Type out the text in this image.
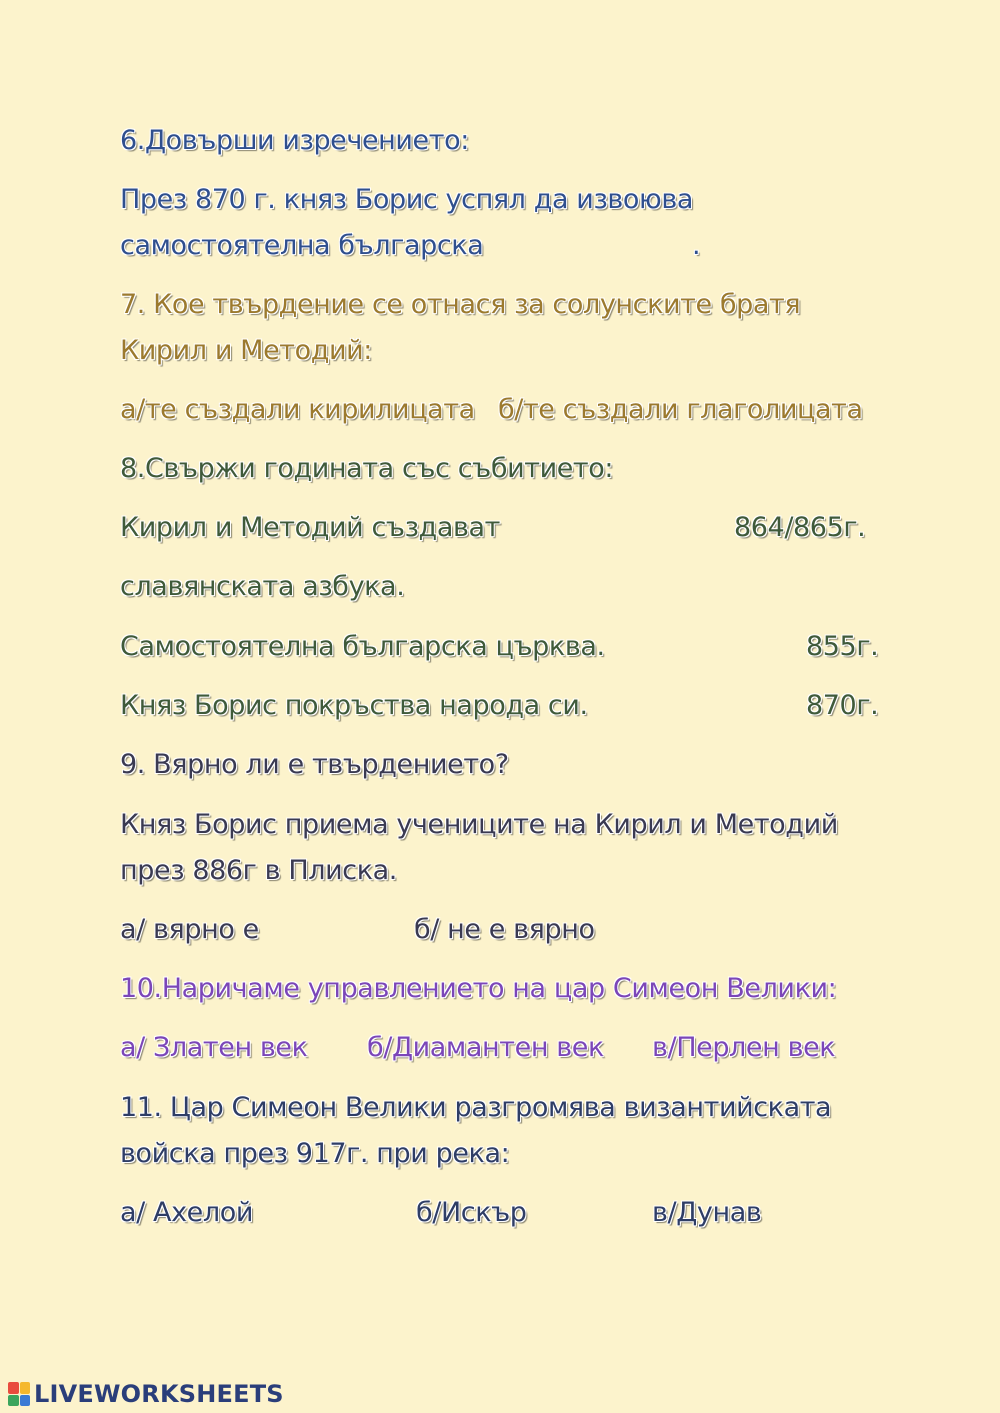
6.Довърши изречението:
През 870 г. княз Борис успял да извоюва
самостоятелна българска	.
7. Кое твърдение се отнася за солунските братя
Кирил и Методий:
а/те създали кирилицата б/те създали глаголицата
8.Свържи годината със събитието:
Кирил и Методий създават	864/865г.
славянската азбука.
Самостоятелна българска църква.	855г.
Княз Борис покръства народа си.	870г.
9. Вярно ли е твърдението?
Княз Борис приема учениците на Кирил и Методий
през 886г в Плиска.
а/ вярно е	б/ не е вярно
10.Наричаме управлението на цар Симеон Велики:
а/ Златен век б/Диамантен век в/Перлен век
11. Цар Симеон Велики разгромява византийската
войска през 917г. при река:
а/ Ахелой	б/Искър	в/Дунав
LIVEWORKSHEETS
